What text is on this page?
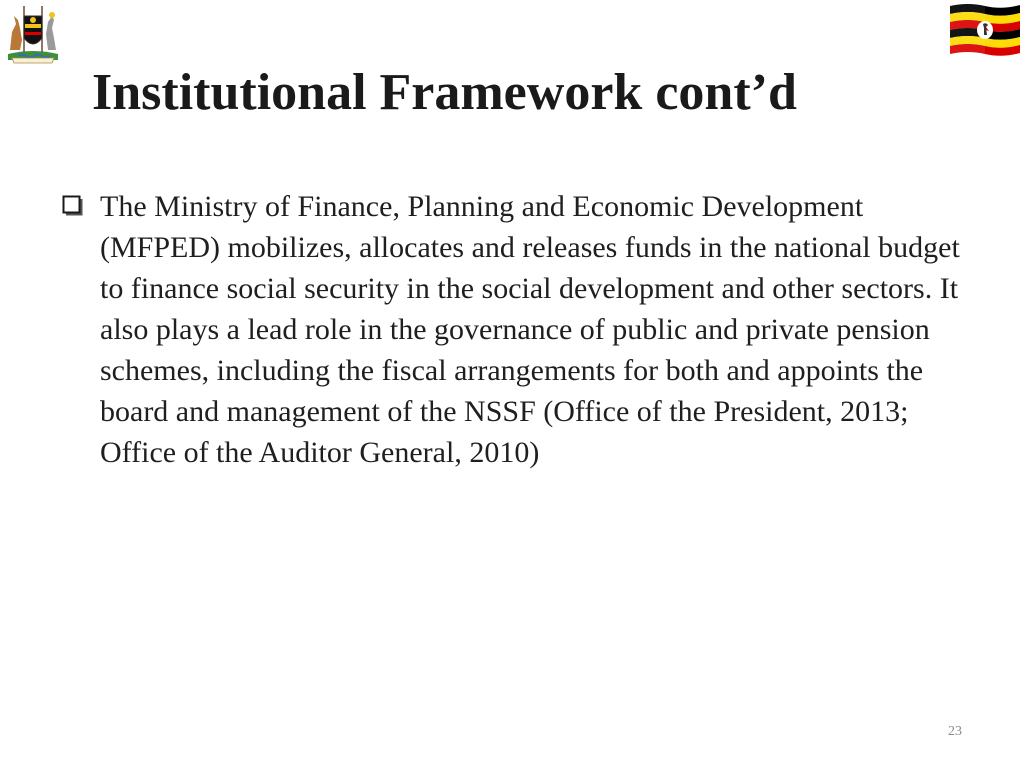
Institutional Framework cont’d

The Ministry of Finance, Planning and Economic Development (MFPED) mobilizes, allocates and releases funds in the national budget to finance social security in the social development and other sectors. It also plays a lead role in the governance of public and private pension schemes, including the fiscal arrangements for both and appoints the board and management of the NSSF (Office of the President, 2013; Office of the Auditor General, 2010)

23
